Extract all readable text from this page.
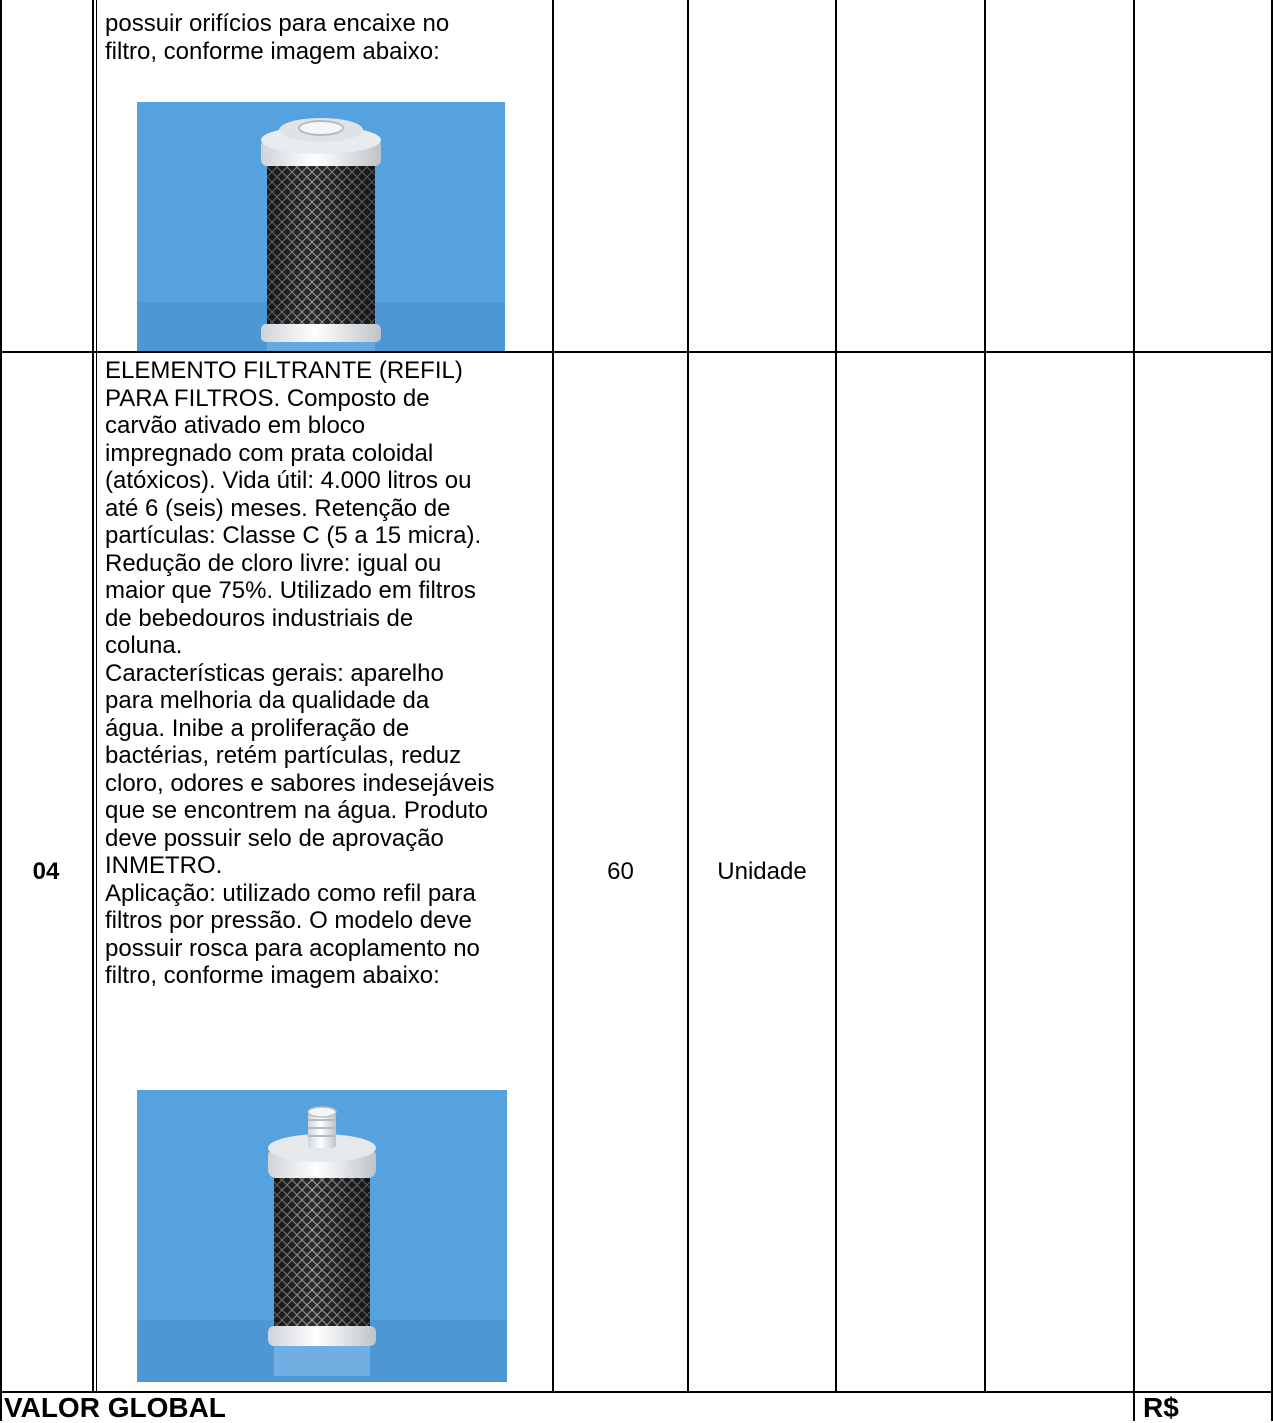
possuir orifícios para encaixe no
filtro, conforme imagem abaixo:
04
ELEMENTO FILTRANTE (REFIL)
PARA FILTROS. Composto de
carvão ativado em bloco
impregnado com prata coloidal
(atóxicos). Vida útil: 4.000 litros ou
até 6 (seis) meses. Retenção de
partículas: Classe C (5 a 15 micra).
Redução de cloro livre: igual ou
maior que 75%. Utilizado em filtros
de bebedouros industriais de
coluna.
Características gerais: aparelho
para melhoria da qualidade da
água. Inibe a proliferação de
bactérias, retém partículas, reduz
cloro, odores e sabores indesejáveis
que se encontrem na água. Produto
deve possuir selo de aprovação
INMETRO.
Aplicação: utilizado como refil para
filtros por pressão. O modelo deve
possuir rosca para acoplamento no
filtro, conforme imagem abaixo:
60	Unidade
VALOR GLOBAL	R$
